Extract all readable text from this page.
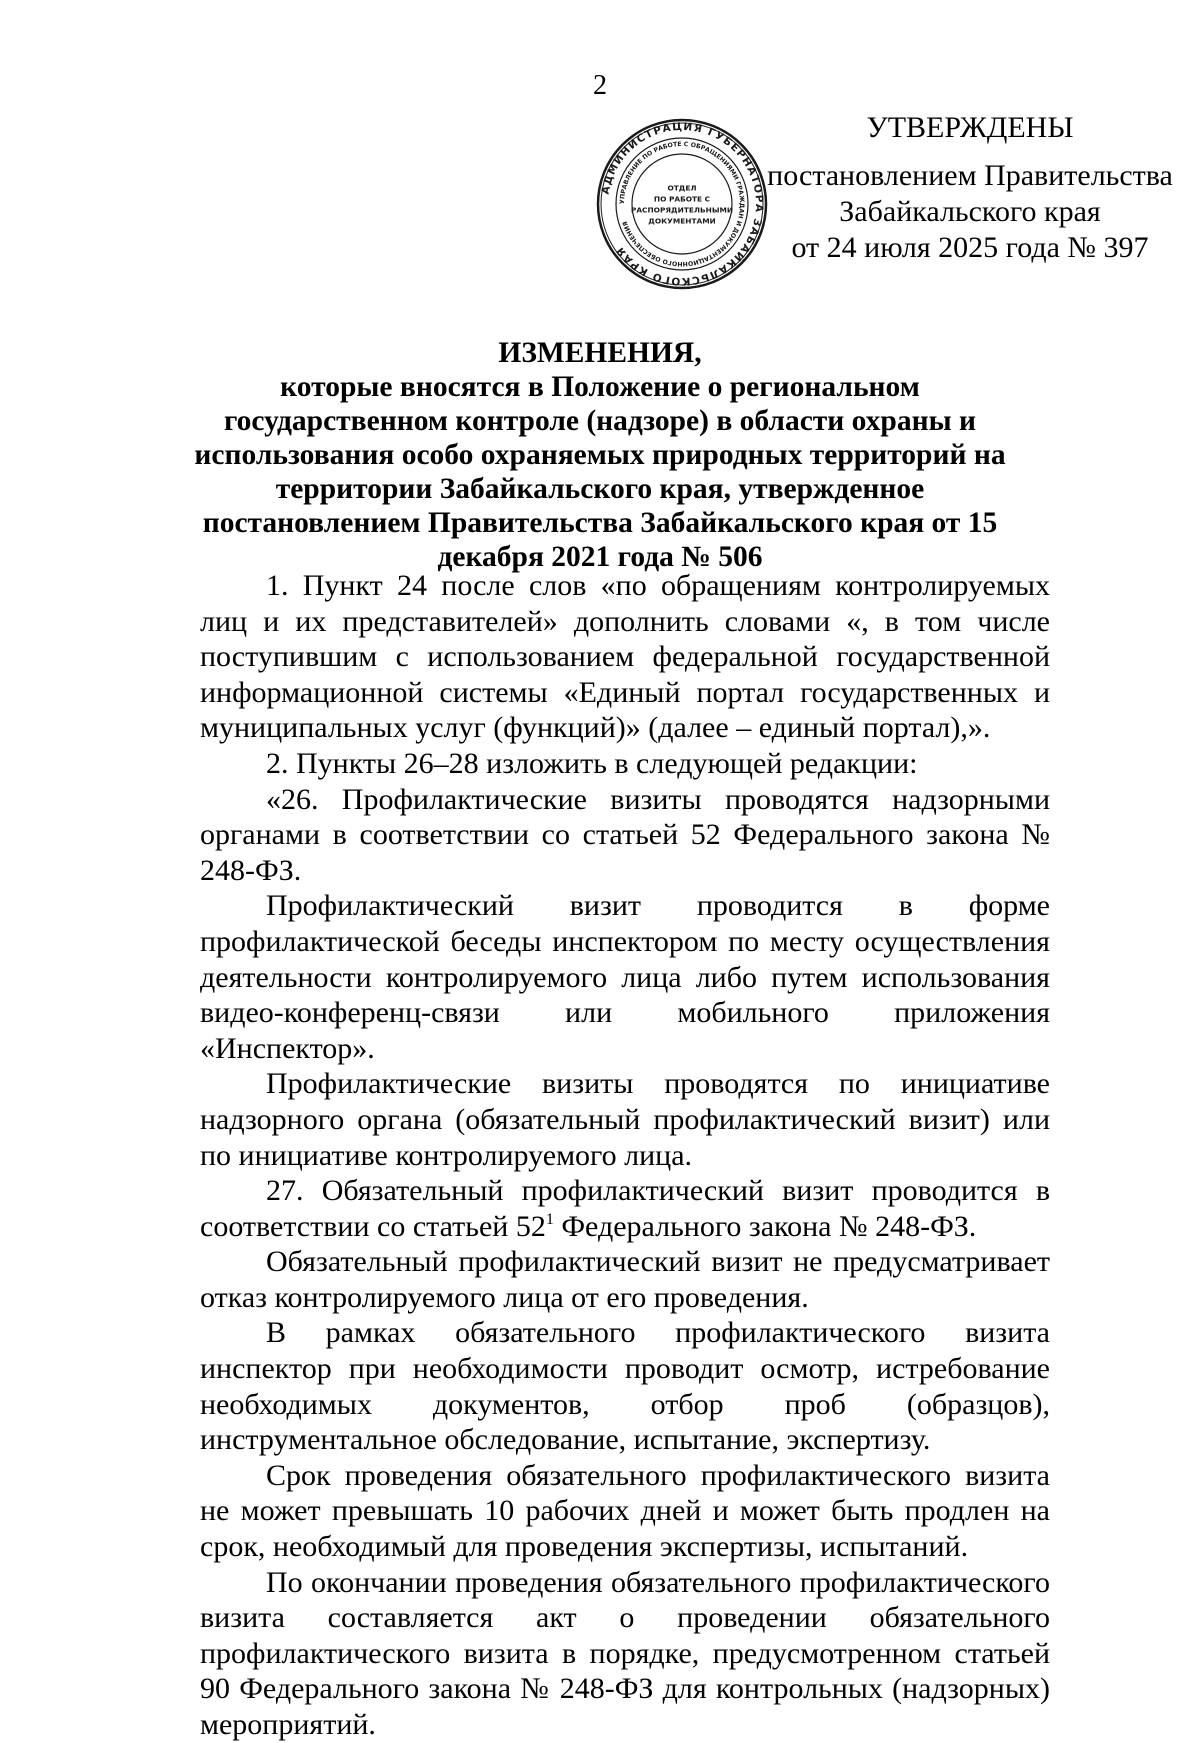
2
УТВЕРЖДЕНЫ
постановлением Правительства
Забайкальского края
от 24 июля 2025 года № 397
АДМИНИСТРАЦИЯ ГУБЕРНАТОРА ЗАБАЙКАЛЬСКОГО КРАЯ
УПРАВЛЕНИЕ ПО РАБОТЕ С ОБРАЩЕНИЯМИ ГРАЖДАН И ДОКУМЕНТАЦИОННОГО ОБЕСПЕЧЕНИЯ
ОТДЕЛ
ПО РАБОТЕ С
РАСПОРЯДИТЕЛЬНЫМИ
ДОКУМЕНТАМИ
ИЗМЕНЕНИЯ,
которые вносятся в Положение о региональном государственном контроле (надзоре) в области охраны и использования особо охраняемых природных территорий на территории Забайкальского края, утвержденное постановлением Правительства Забайкальского края от 15 декабря 2021 года № 506

1. Пункт 24 после слов «по обращениям контролируемых лиц и их представителей» дополнить словами «, в том числе поступившим с использованием федеральной государственной информационной системы «Единый портал государственных и муниципальных услуг (функций)» (далее – единый портал),».

2. Пункты 26–28 изложить в следующей редакции:

«26. Профилактические визиты проводятся надзорными органами в соответствии со статьей 52 Федерального закона № 248-ФЗ.

Профилактический визит проводится в форме профилактической беседы инспектором по месту осуществления деятельности контролируемого лица либо путем использования видео-конференц-связи или мобильного приложения «Инспектор».

Профилактические визиты проводятся по инициативе надзорного органа (обязательный профилактический визит) или по инициативе контролируемого лица.

27. Обязательный профилактический визит проводится в соответствии со статьей $52^1$ Федерального закона № 248-ФЗ.

Обязательный профилактический визит не предусматривает отказ контролируемого лица от его проведения.

В рамках обязательного профилактического визита инспектор при необходимости проводит осмотр, истребование необходимых документов, отбор проб (образцов), инструментальное обследование, испытание, экспертизу.

Срок проведения обязательного профилактического визита не может превышать 10 рабочих дней и может быть продлен на срок, необходимый для проведения экспертизы, испытаний.

По окончании проведения обязательного профилактического визита составляется акт о проведении обязательного профилактического визита в порядке, предусмотренном статьей 90 Федерального закона № 248-ФЗ для контрольных (надзорных) мероприятий.
